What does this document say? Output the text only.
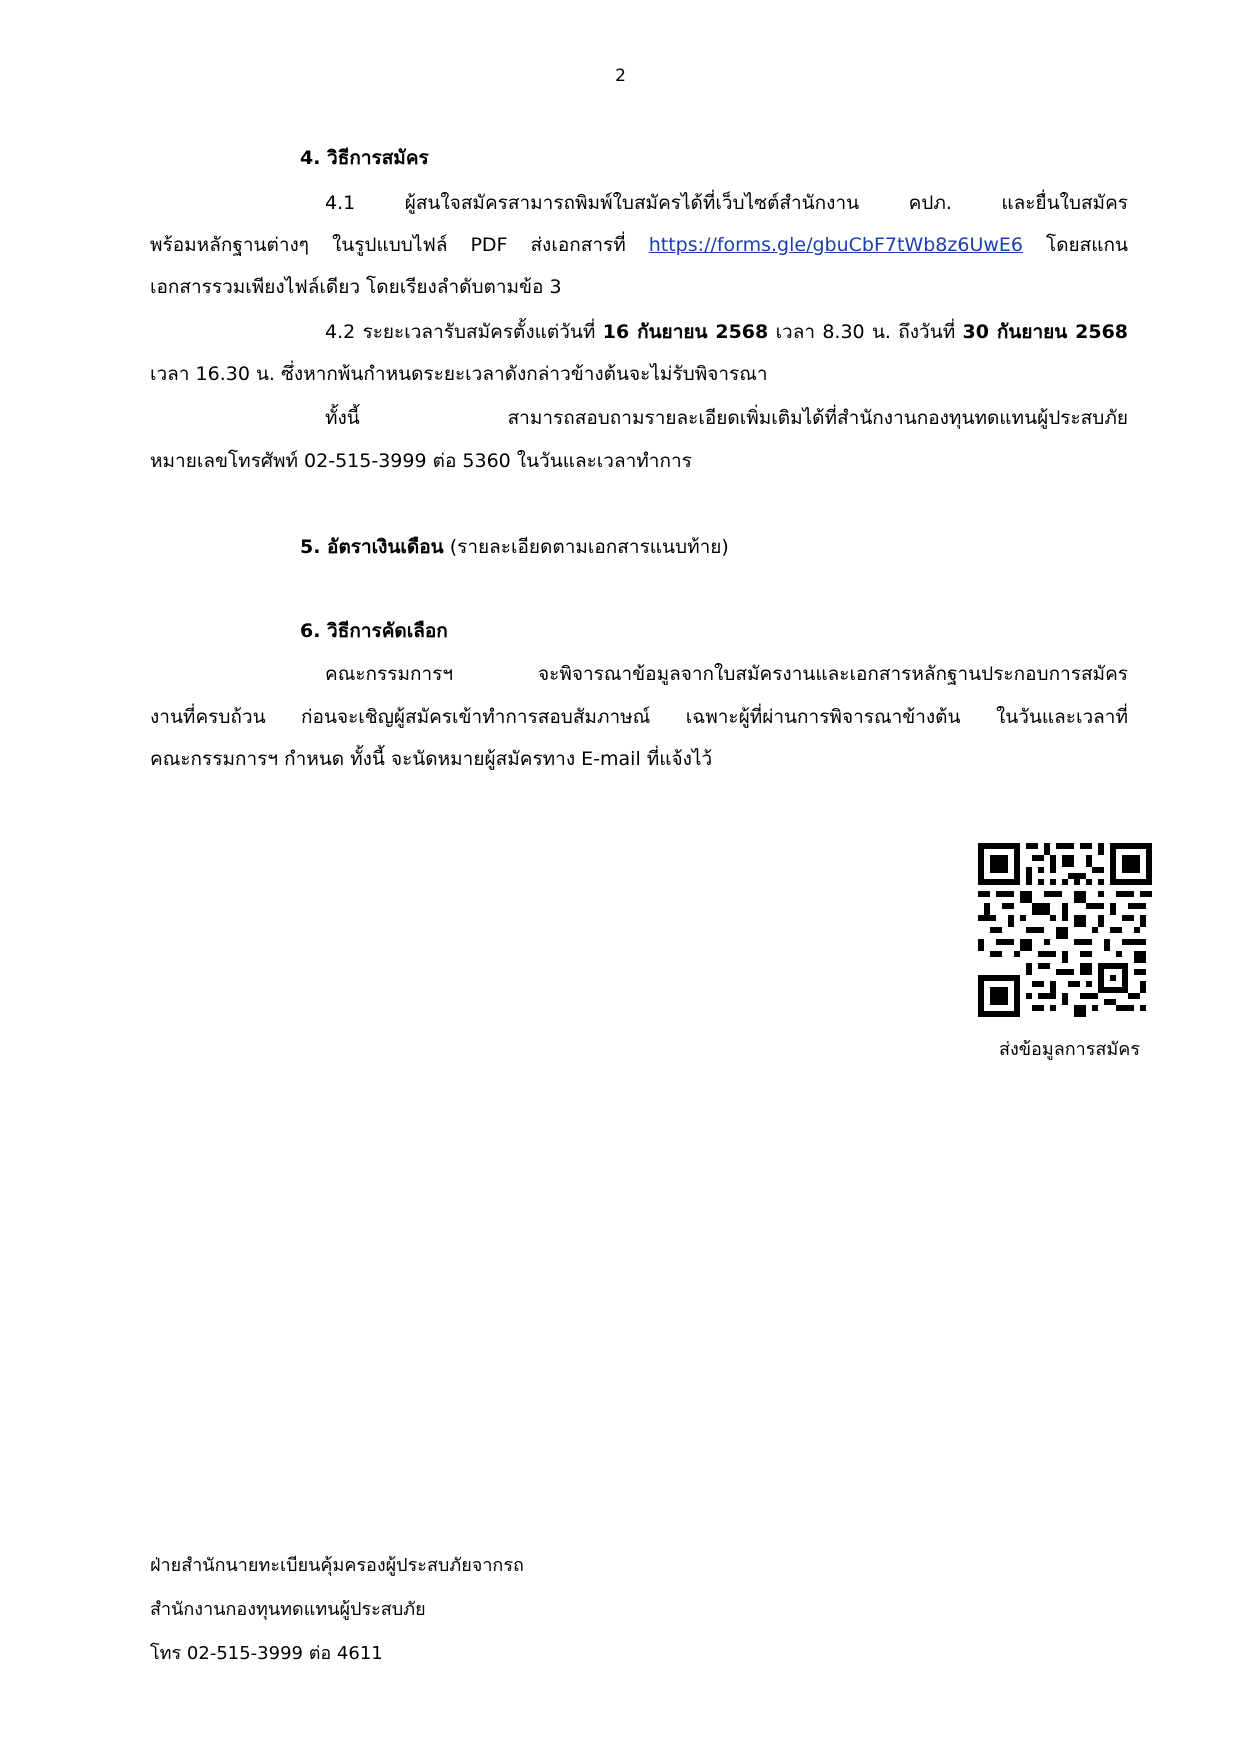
2
4. วิธีการสมัคร
4.1 ผู้สนใจสมัครสามารถพิมพ์ใบสมัครได้ที่เว็บไซต์สำนักงาน คปภ. และยื่นใบสมัคร
พร้อมหลักฐานต่างๆ ในรูปแบบไฟล์ PDF ส่งเอกสารที่ https://forms.gle/gbuCbF7tWb8z6UwE6 โดยสแกน
เอกสารรวมเพียงไฟล์เดียว โดยเรียงลำดับตามข้อ 3
4.2 ระยะเวลารับสมัครตั้งแต่วันที่ 16 กันยายน 2568 เวลา 8.30 น. ถึงวันที่ 30 กันยายน 2568
เวลา 16.30 น. ซึ่งหากพ้นกำหนดระยะเวลาดังกล่าวข้างต้นจะไม่รับพิจารณา
ทั้งนี้ สามารถสอบถามรายละเอียดเพิ่มเติมได้ที่สำนักงานกองทุนทดแทนผู้ประสบภัย
หมายเลขโทรศัพท์ 02-515-3999 ต่อ 5360 ในวันและเวลาทำการ
5. อัตราเงินเดือน (รายละเอียดตามเอกสารแนบท้าย)
6. วิธีการคัดเลือก
คณะกรรมการฯ จะพิจารณาข้อมูลจากใบสมัครงานและเอกสารหลักฐานประกอบการสมัคร
งานที่ครบถ้วน ก่อนจะเชิญผู้สมัครเข้าทำการสอบสัมภาษณ์ เฉพาะผู้ที่ผ่านการพิจารณาข้างต้น ในวันและเวลาที่
คณะกรรมการฯ กำหนด ทั้งนี้ จะนัดหมายผู้สมัครทาง E-mail ที่แจ้งไว้
ส่งข้อมูลการสมัคร
ฝ่ายสำนักนายทะเบียนคุ้มครองผู้ประสบภัยจากรถ
สำนักงานกองทุนทดแทนผู้ประสบภัย
โทร 02-515-3999 ต่อ 4611
